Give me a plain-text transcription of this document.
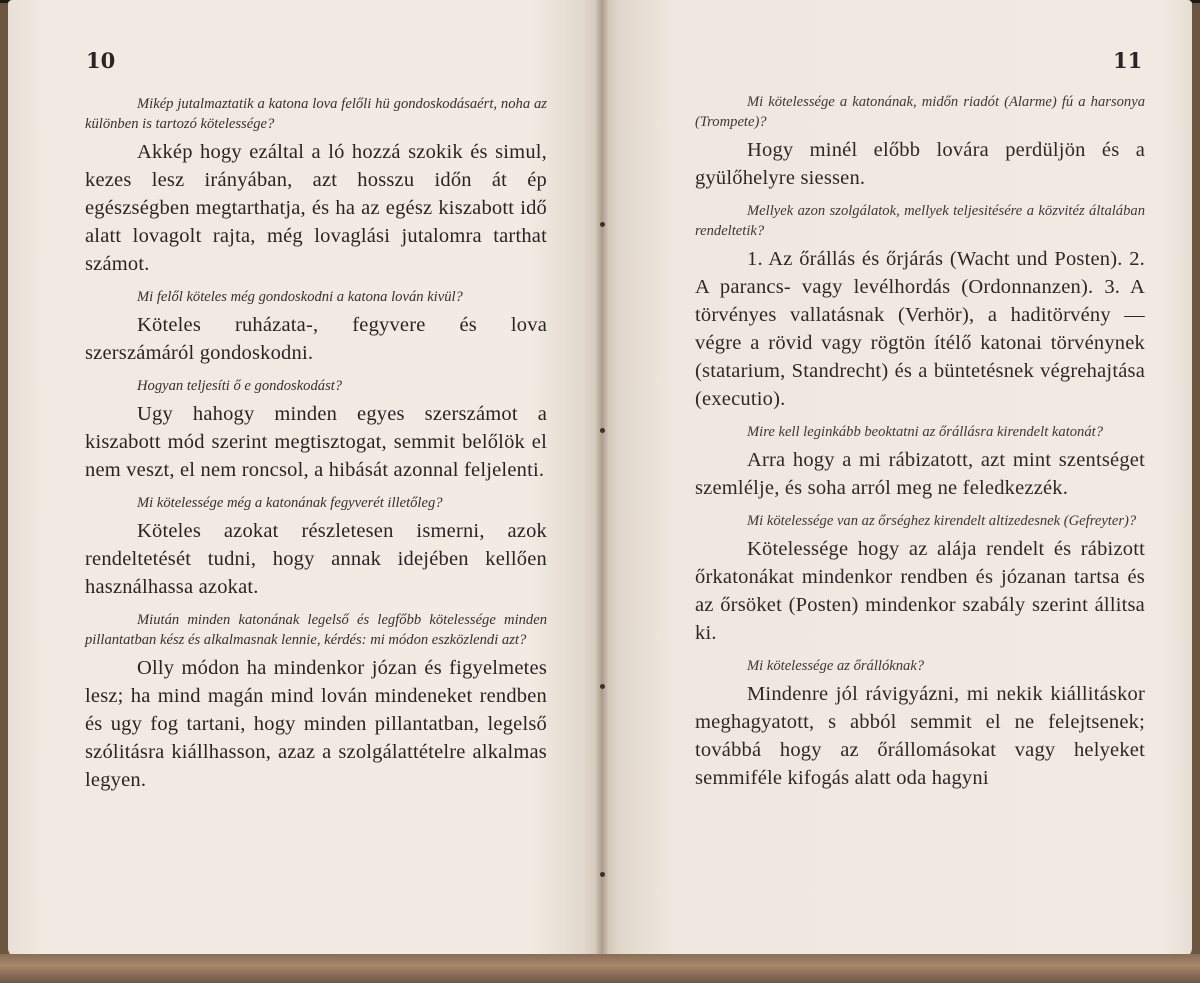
10

Mikép jutalmaztatik a katona lova felőli hü gondoskodásaért, noha az különben is tartozó kötelessége?

Akkép hogy ezáltal a ló hozzá szokik és simul, kezes lesz irányában, azt hosszu időn át ép egészségben megtarthatja, és ha az egész kiszabott idő alatt lovagolt rajta, még lovaglási jutalomra tarthat számot.

Mi felől köteles még gondoskodni a katona lován kivül?

Köteles ruházata-, fegyvere és lova szerszámáról gondoskodni.

Hogyan teljesíti ő e gondoskodást?

Ugy hahogy minden egyes szerszámot a kiszabott mód szerint megtisztogat, semmit belőlök el nem veszt, el nem roncsol, a hibását azonnal feljelenti.

Mi kötelessége még a katonának fegyverét illetőleg?

Köteles azokat részletesen ismerni, azok rendeltetését tudni, hogy annak idejében kellően használhassa azokat.

Miután minden katonának legelső és legfőbb kötelessége minden pillantatban kész és alkalmasnak lennie, kérdés: mi módon eszközlendi azt?

Olly módon ha mindenkor józan és figyelmetes lesz; ha mind magán mind lován mindeneket rendben és ugy fog tartani, hogy minden pillantatban, legelső szólitásra kiállhasson, azaz a szolgálattételre alkalmas legyen.

11

Mi kötelessége a katonának, midőn riadót (Alarme) fú a harsonya (Trompete)?

Hogy minél előbb lovára perdüljön és a gyülőhelyre siessen.

Mellyek azon szolgálatok, mellyek teljesitésére a közvitéz általában rendeltetik?

1. Az őrállás és őrjárás (Wacht und Posten). 2. A parancs- vagy levélhordás (Ordonnanzen). 3. A törvényes vallatásnak (Verhör), a haditörvény — végre a rövid vagy rögtön ítélő katonai törvénynek (statarium, Standrecht) és a büntetésnek végrehajtása (executio).

Mire kell leginkább beoktatni az őrállásra kirendelt katonát?

Arra hogy a mi rábizatott, azt mint szentséget szemlélje, és soha arról meg ne feledkezzék.

Mi kötelessége van az őrséghez kirendelt altizedesnek (Gefreyter)?

Kötelessége hogy az alája rendelt és rábizott őrkatonákat mindenkor rendben és józanan tartsa és az őrsöket (Posten) mindenkor szabály szerint állitsa ki.

Mi kötelessége az őrállóknak?

Mindenre jól rávigyázni, mi nekik kiállitáskor meghagyatott, s abból semmit el ne felejtsenek; továbbá hogy az őrállomásokat vagy helyeket semmiféle kifogás alatt oda hagyni
